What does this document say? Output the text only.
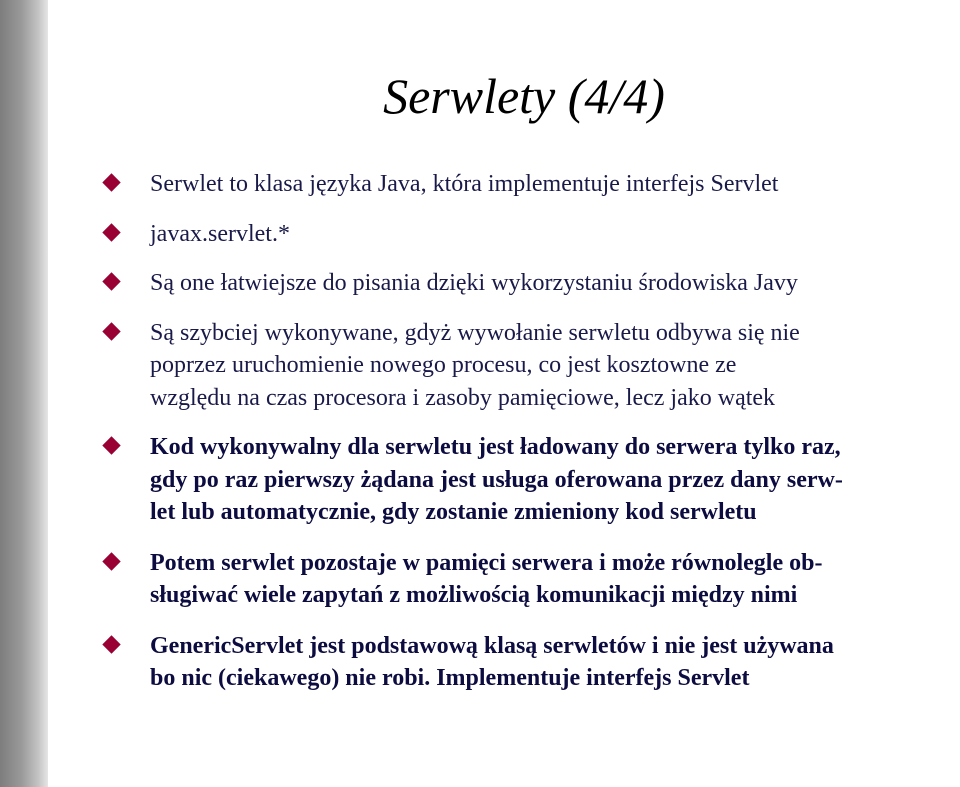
Serwlety (4/4)
Serwlet to klasa języka Java, która implementuje interfejs Servlet
javax.servlet.*
Są one łatwiejsze do pisania dzięki wykorzystaniu środowiska Javy
Są szybciej wykonywane, gdyż wywołanie serwletu odbywa się nie
poprzez uruchomienie nowego procesu, co jest kosztowne ze
względu na czas procesora i zasoby pamięciowe, lecz jako wątek
Kod wykonywalny dla serwletu jest ładowany do serwera tylko raz,
gdy po raz pierwszy żądana jest usługa oferowana przez dany serw-
let lub automatycznie, gdy zostanie zmieniony kod serwletu
Potem serwlet pozostaje w pamięci serwera i może równolegle ob-
sługiwać wiele zapytań z możliwością komunikacji między nimi
GenericServlet jest podstawową klasą serwletów i nie jest używana
bo nic (ciekawego) nie robi. Implementuje interfejs Servlet
